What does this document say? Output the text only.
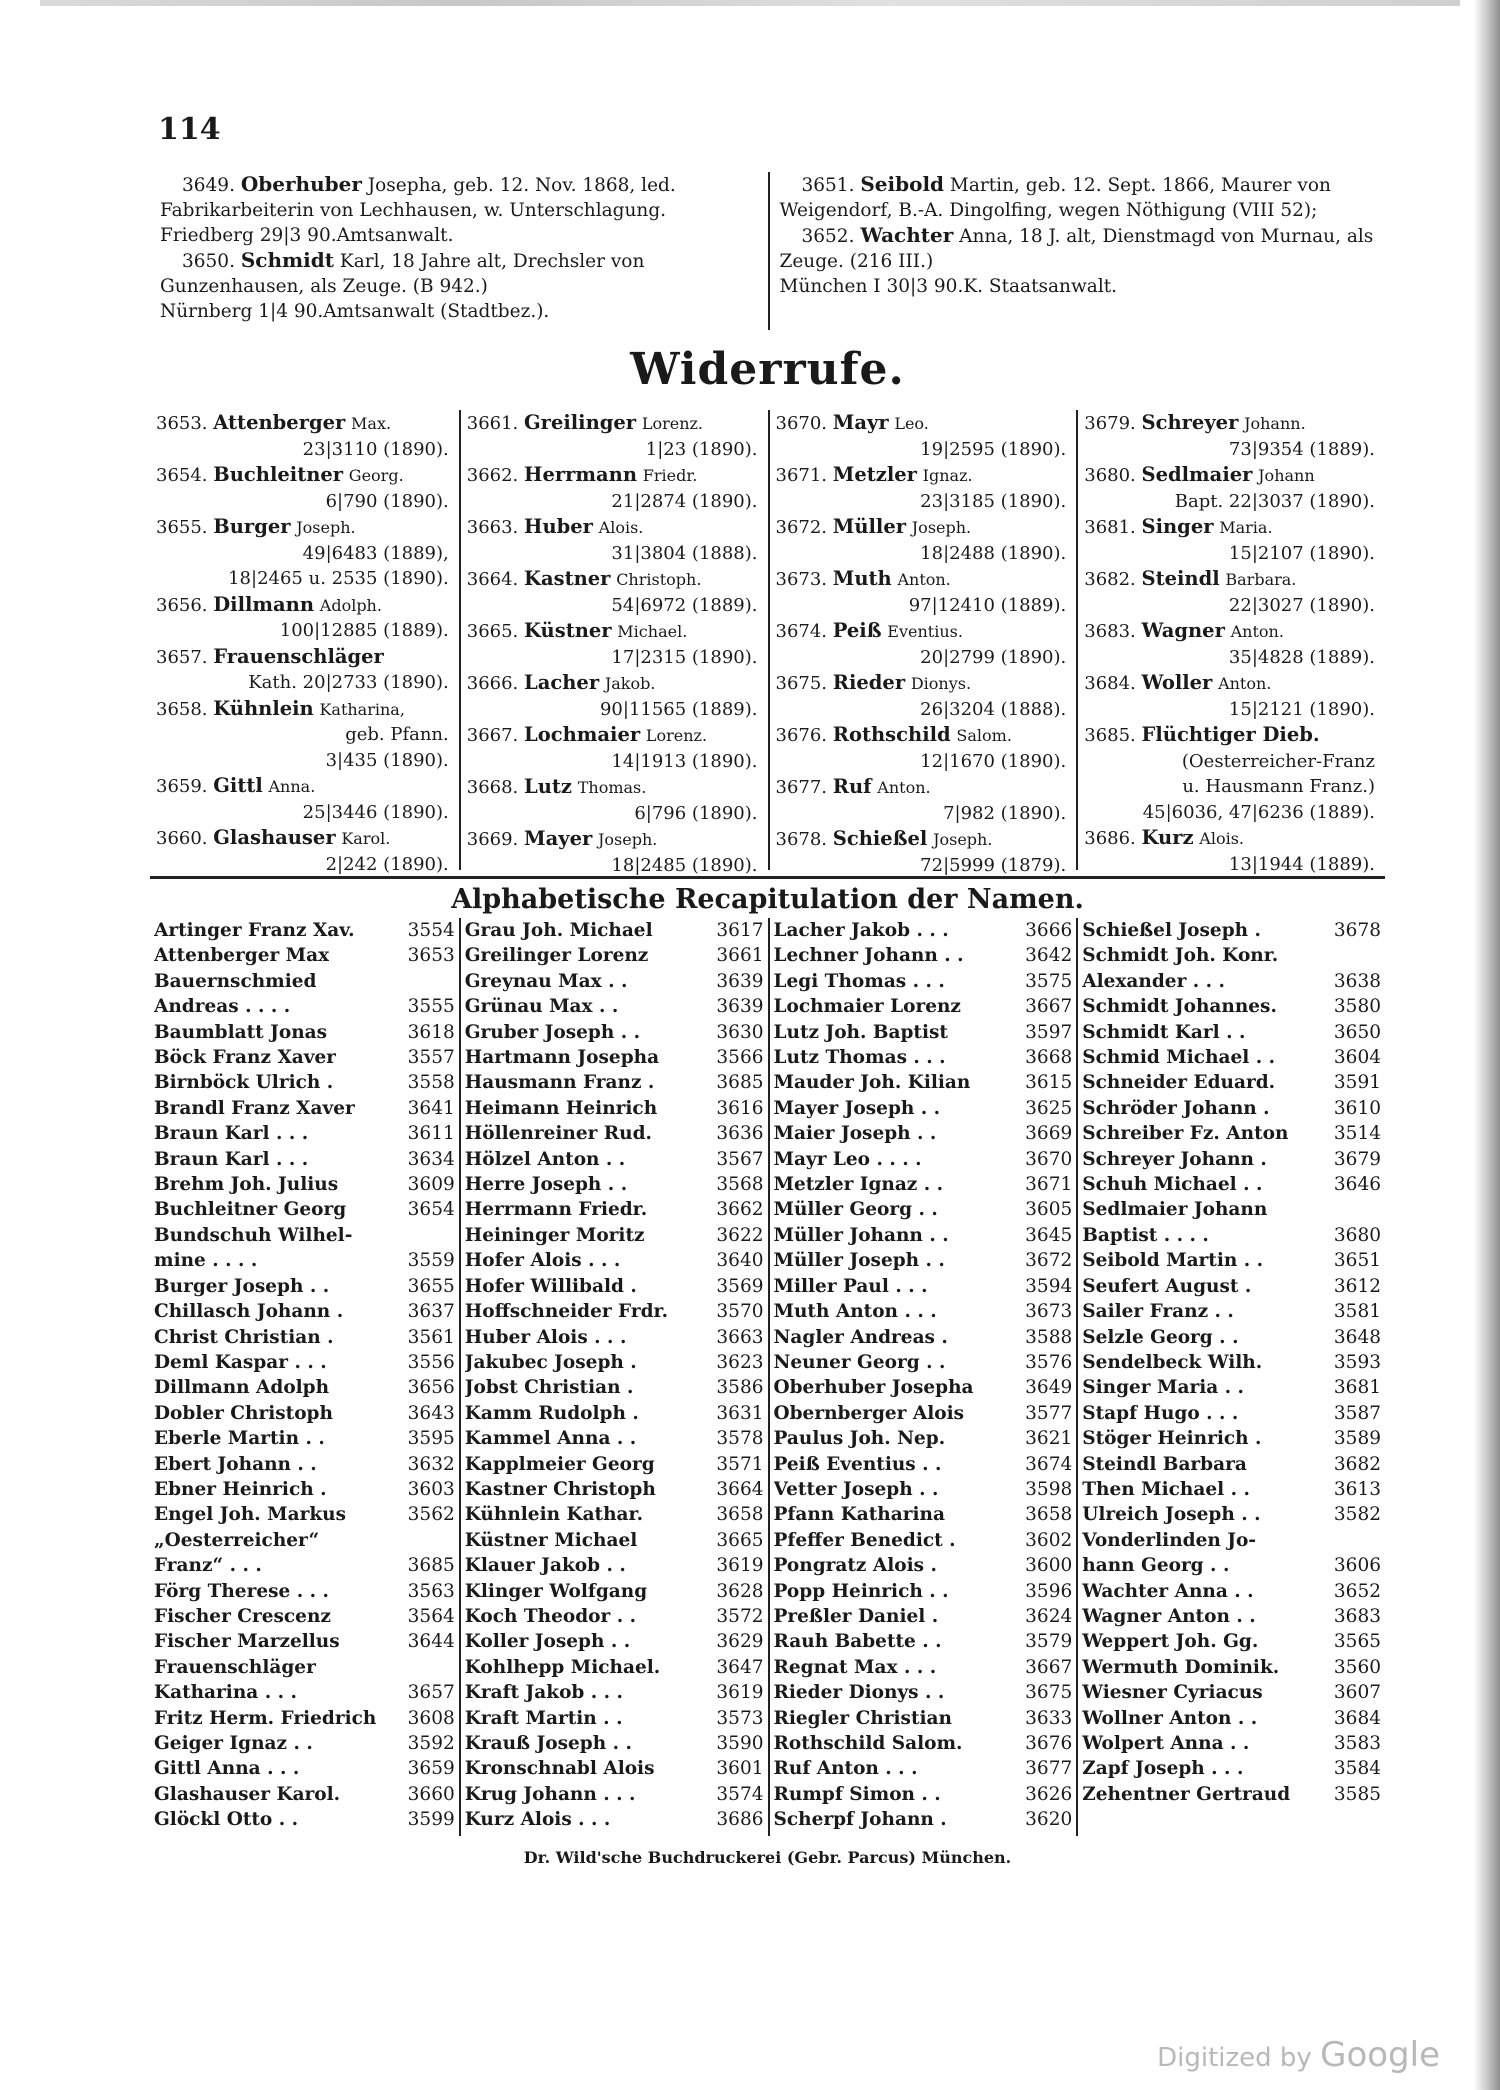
114

3649. Oberhuber Josepha, geb. 12. Nov. 1868, led. Fabrikarbeiterin von Lechhausen, w. Unterschlagung.

Friedberg 29|3 90.Amtsanwalt.

3650. Schmidt Karl, 18 Jahre alt, Drechsler von Gunzenhausen, als Zeuge. (B 942.)

Nürnberg 1|4 90.Amtsanwalt (Stadtbez.).

3651. Seibold Martin, geb. 12. Sept. 1866, Maurer von Weigendorf, B.-A. Dingolfing, wegen Nöthigung (VIII 52);

3652. Wachter Anna, 18 J. alt, Dienstmagd von Murnau, als Zeuge. (216 III.)

München I 30|3 90.K. Staatsanwalt.
Widerrufe.
3653. Attenberger Max.
23|3110 (1890).
3654. Buchleitner Georg.
6|790 (1890).
3655. Burger Joseph.
49|6483 (1889),
18|2465 u. 2535 (1890).
3656. Dillmann Adolph.
100|12885 (1889).
3657. Frauenschläger
Kath. 20|2733 (1890).
3658. Kühnlein Katharina,
geb. Pfann.
3|435 (1890).
3659. Gittl Anna.
25|3446 (1890).
3660. Glashauser Karol.
2|242 (1890).
3661. Greilinger Lorenz.
1|23 (1890).
3662. Herrmann Friedr.
21|2874 (1890).
3663. Huber Alois.
31|3804 (1888).
3664. Kastner Christoph.
54|6972 (1889).
3665. Küstner Michael.
17|2315 (1890).
3666. Lacher Jakob.
90|11565 (1889).
3667. Lochmaier Lorenz.
14|1913 (1890).
3668. Lutz Thomas.
6|796 (1890).
3669. Mayer Joseph.
18|2485 (1890).
3670. Mayr Leo.
19|2595 (1890).
3671. Metzler Ignaz.
23|3185 (1890).
3672. Müller Joseph.
18|2488 (1890).
3673. Muth Anton.
97|12410 (1889).
3674. Peiß Eventius.
20|2799 (1890).
3675. Rieder Dionys.
26|3204 (1888).
3676. Rothschild Salom.
12|1670 (1890).
3677. Ruf Anton.
7|982 (1890).
3678. Schießel Joseph.
72|5999 (1879).
3679. Schreyer Johann.
73|9354 (1889).
3680. Sedlmaier Johann
Bapt. 22|3037 (1890).
3681. Singer Maria.
15|2107 (1890).
3682. Steindl Barbara.
22|3027 (1890).
3683. Wagner Anton.
35|4828 (1889).
3684. Woller Anton.
15|2121 (1890).
3685. Flüchtiger Dieb.
(Oesterreicher-Franz
u. Hausmann Franz.)
45|6036, 47|6236 (1889).
3686. Kurz Alois.
13|1944 (1889).
Alphabetische Recapitulation der Namen.
Artinger Franz Xav.	3554
Attenberger Max	3653
Bauernschmied
Andreas . . . .	3555
Baumblatt Jonas	3618
Böck Franz Xaver	3557
Birnböck Ulrich .	3558
Brandl Franz Xaver	3641
Braun Karl . . .	3611
Braun Karl . . .	3634
Brehm Joh. Julius	3609
Buchleitner Georg	3654
Bundschuh Wilhel-
mine . . . .	3559
Burger Joseph . .	3655
Chillasch Johann .	3637
Christ Christian .	3561
Deml Kaspar . . .	3556
Dillmann Adolph	3656
Dobler Christoph	3643
Eberle Martin . .	3595
Ebert Johann . .	3632
Ebner Heinrich .	3603
Engel Joh. Markus	3562
„Oesterreicher“
Franz“ . . .	3685
Förg Therese . . .	3563
Fischer Crescenz	3564
Fischer Marzellus	3644
Frauenschläger
Katharina . . .	3657
Fritz Herm. Friedrich 3608
Geiger Ignaz . .	3592
Gittl Anna . . .	3659
Glashauser Karol.	3660
Glöckl Otto . .	3599
Grau Joh. Michael	3617
Greilinger Lorenz	3661
Greynau Max . .	3639
Grünau Max . .	3639
Gruber Joseph . .	3630
Hartmann Josepha	3566
Hausmann Franz .	3685
Heimann Heinrich	3616
Höllenreiner Rud.	3636
Hölzel Anton . .	3567
Herre Joseph . .	3568
Herrmann Friedr.	3662
Heininger Moritz	3622
Hofer Alois . . .	3640
Hofer Willibald .	3569
Hoffschneider Frdr.	3570
Huber Alois . . .	3663
Jakubec Joseph .	3623
Jobst Christian .	3586
Kamm Rudolph .	3631
Kammel Anna . .	3578
Kapplmeier Georg	3571
Kastner Christoph	3664
Kühnlein Kathar.	3658
Küstner Michael	3665
Klauer Jakob . .	3619
Klinger Wolfgang	3628
Koch Theodor . .	3572
Koller Joseph . .	3629
Kohlhepp Michael.	3647
Kraft Jakob . . .	3619
Kraft Martin . .	3573
Krauß Joseph . .	3590
Kronschnabl Alois	3601
Krug Johann . . .	3574
Kurz Alois . . .	3686
Lacher Jakob . . .	3666
Lechner Johann . .	3642
Legi Thomas . . .	3575
Lochmaier Lorenz	3667
Lutz Joh. Baptist	3597
Lutz Thomas . . .	3668
Mauder Joh. Kilian	3615
Mayer Joseph . .	3625
Maier Joseph . .	3669
Mayr Leo . . . .	3670
Metzler Ignaz . .	3671
Müller Georg . .	3605
Müller Johann . .	3645
Müller Joseph . .	3672
Miller Paul . . .	3594
Muth Anton . . .	3673
Nagler Andreas .	3588
Neuner Georg . .	3576
Oberhuber Josepha	3649
Obernberger Alois	3577
Paulus Joh. Nep.	3621
Peiß Eventius . .	3674
Vetter Joseph . .	3598
Pfann Katharina	3658
Pfeffer Benedict .	3602
Pongratz Alois .	3600
Popp Heinrich . .	3596
Preßler Daniel .	3624
Rauh Babette . .	3579
Regnat Max . . .	3667
Rieder Dionys . .	3675
Riegler Christian	3633
Rothschild Salom.	3676
Ruf Anton . . .	3677
Rumpf Simon . .	3626
Scherpf Johann .	3620
Schießel Joseph .	3678
Schmidt Joh. Konr.
Alexander . . .	3638
Schmidt Johannes.	3580
Schmidt Karl . .	3650
Schmid Michael . .	3604
Schneider Eduard.	3591
Schröder Johann .	3610
Schreiber Fz. Anton 3514
Schreyer Johann .	3679
Schuh Michael . .	3646
Sedlmaier Johann
Baptist . . . .	3680
Seibold Martin . .	3651
Seufert August .	3612
Sailer Franz . .	3581
Selzle Georg . .	3648
Sendelbeck Wilh.	3593
Singer Maria . .	3681
Stapf Hugo . . .	3587
Stöger Heinrich .	3589
Steindl Barbara	3682
Then Michael . .	3613
Ulreich Joseph . .	3582
Vonderlinden Jo-
hann Georg . .	3606
Wachter Anna . .	3652
Wagner Anton . .	3683
Weppert Joh. Gg.	3565
Wermuth Dominik.	3560
Wiesner Cyriacus	3607
Wollner Anton . .	3684
Wolpert Anna . .	3583
Zapf Joseph . . .	3584
Zehentner Gertraud 3585
Dr. Wild'sche Buchdruckerei (Gebr. Parcus) München.
Digitized by Google
